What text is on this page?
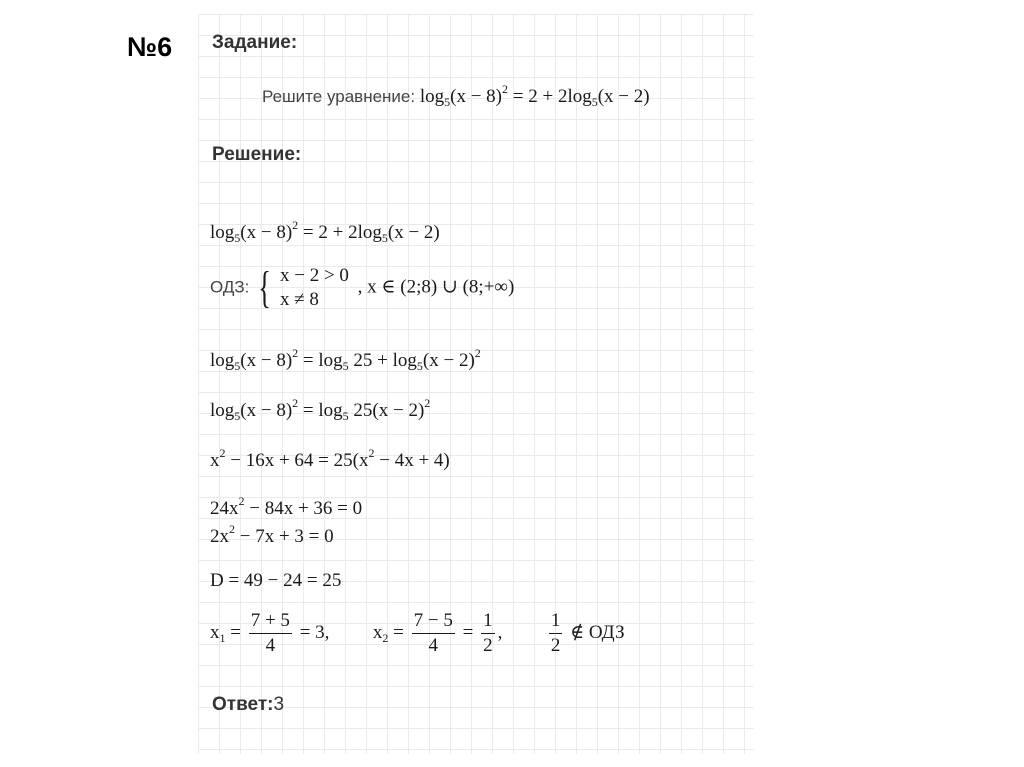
№6 Задание:
Решите уравнение: $\log_5(x - 8)^2 = 2 + 2\log_5(x - 2)$
Решение:
$\log_5(x - 8)^2 = 2 + 2\log_5(x - 2)$
ОДЗ: { x − 2 > 0
x ≠ 8
, x ∈ (2;8) ∪ (8;+∞)
$\log_5(x - 8)^2 = \log_5 25 + \log_5(x - 2)^2$
$\log_5(x - 8)^2 = \log_5 25(x - 2)^2$
$x^2 - 16x + 64 = 25(x^2 - 4x + 4)$
$24x^2 - 84x + 36 = 0$
$2x^2 - 7x + 3 = 0$
D = 49 − 24 = 25
$x_1 = \frac{7 + 5}{4} = 3$,  $x_2 = \frac{7 - 5}{4} = \frac{1}{2}$ , $\frac{1}{2}$ ∉ ОДЗ
Ответ:3
